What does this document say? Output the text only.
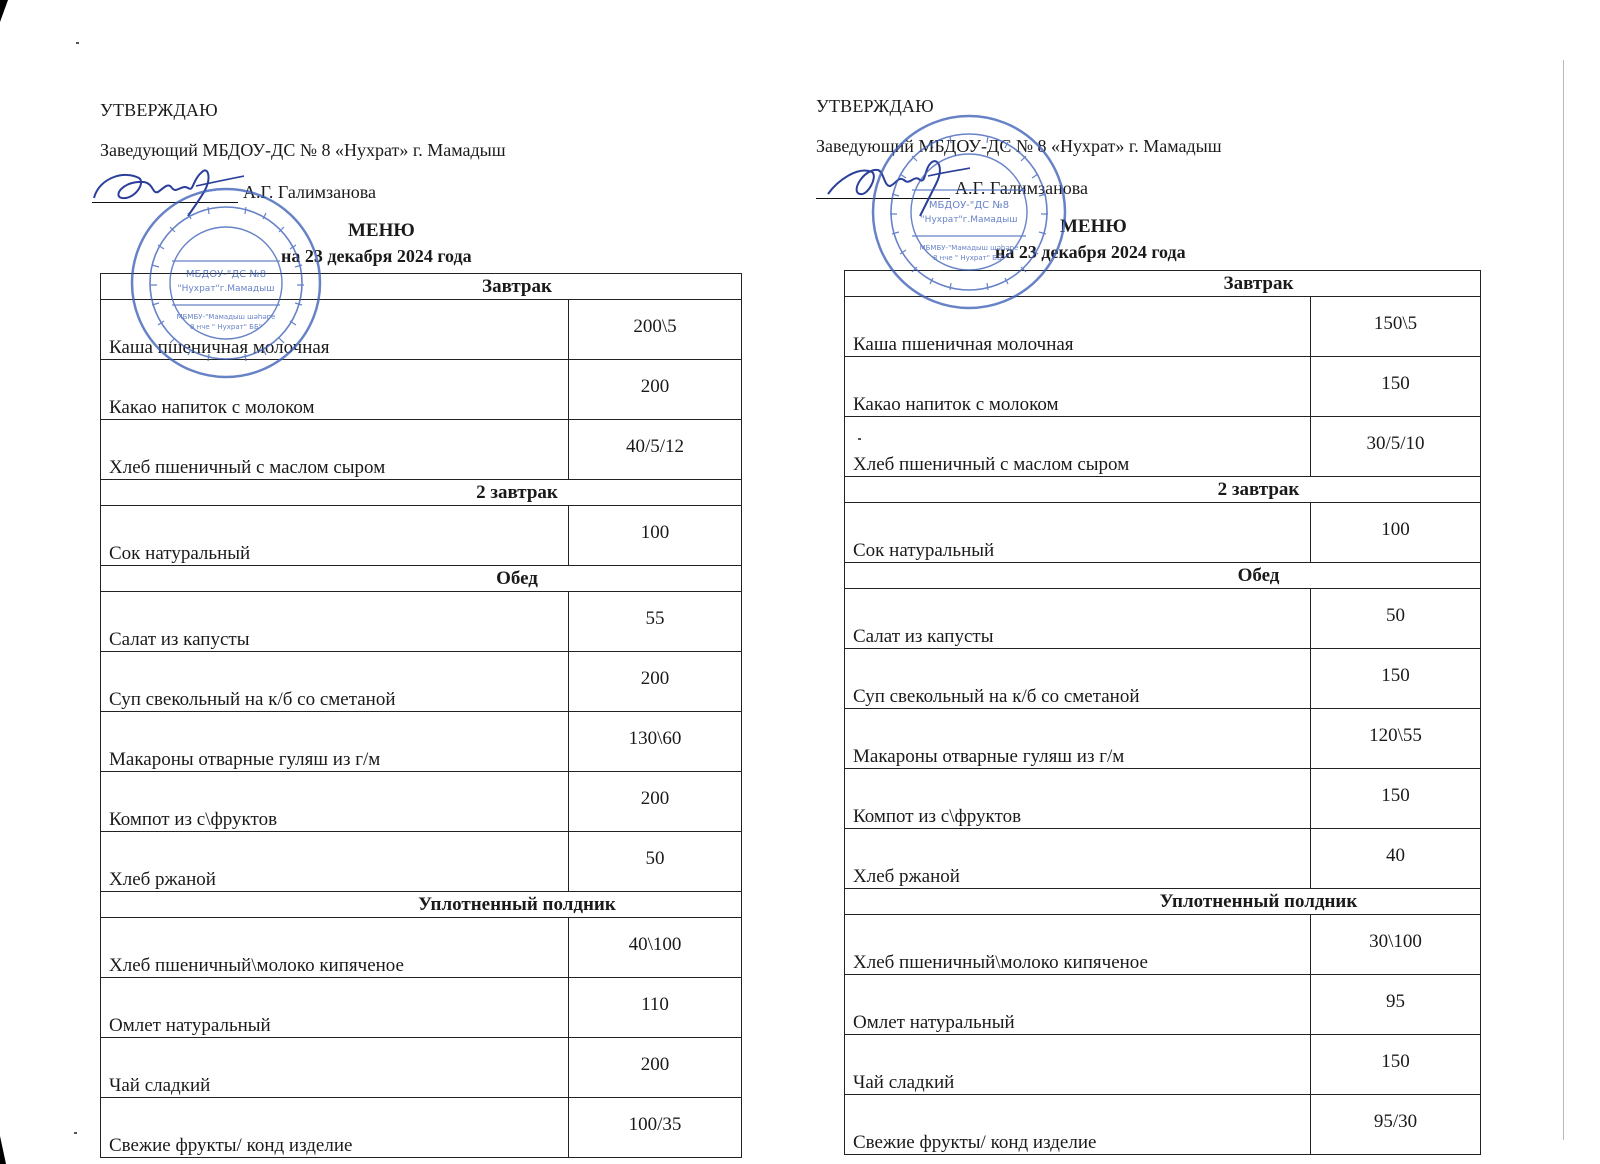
УТВЕРЖДАЮ
Заведующий МБДОУ-ДС № 8 «Нухрат» г. Мамадыш
А.Г. Галимзанова
МЕНЮ
на 23 декабря 2024 года
Завтрак	
Каша пшеничная молочная	200\5
Какао напиток с молоком	200
Хлеб пшеничный с маслом сыром	40/5/12
2 завтрак	
Сок натуральный	100
Обед	
Салат из капусты	55
Суп свекольный на к/б со сметаной	200
Макароны отварные гуляш из г/м	130\60
Компот из с\фруктов	200
Хлеб ржаной	50
Уплотненный полдник	
Хлеб пшеничный\молоко кипяченое	40\100
Омлет натуральный	110
Чай сладкий	200
Свежие фрукты/ конд изделие	100/35
МБДОУ-"ДС №8
"Нухрат"г.Мамадыш
МБМБУ-"Мамадыш шәһәре
8 нче " Нухрат" ББ"
УТВЕРЖДАЮ
Заведующий МБДОУ-ДС № 8 «Нухрат» г. Мамадыш
А.Г. Галимзанова
МЕНЮ
на 23 декабря 2024 года
Завтрак	
Каша пшеничная молочная	150\5
Какао напиток с молоком	150
Хлеб пшеничный с маслом сыром	30/5/10
2 завтрак	
Сок натуральный	100
Обед	
Салат из капусты	50
Суп свекольный на к/б со сметаной	150
Макароны отварные гуляш из г/м	120\55
Компот из с\фруктов	150
Хлеб ржаной	40
Уплотненный полдник	
Хлеб пшеничный\молоко кипяченое	30\100
Омлет натуральный	95
Чай сладкий	150
Свежие фрукты/ конд изделие	95/30
МБДОУ-"ДС №8
"Нухрат"г.Мамадыш
МБМБУ-"Мамадыш шәһәре
8 нче " Нухрат" ББ"
